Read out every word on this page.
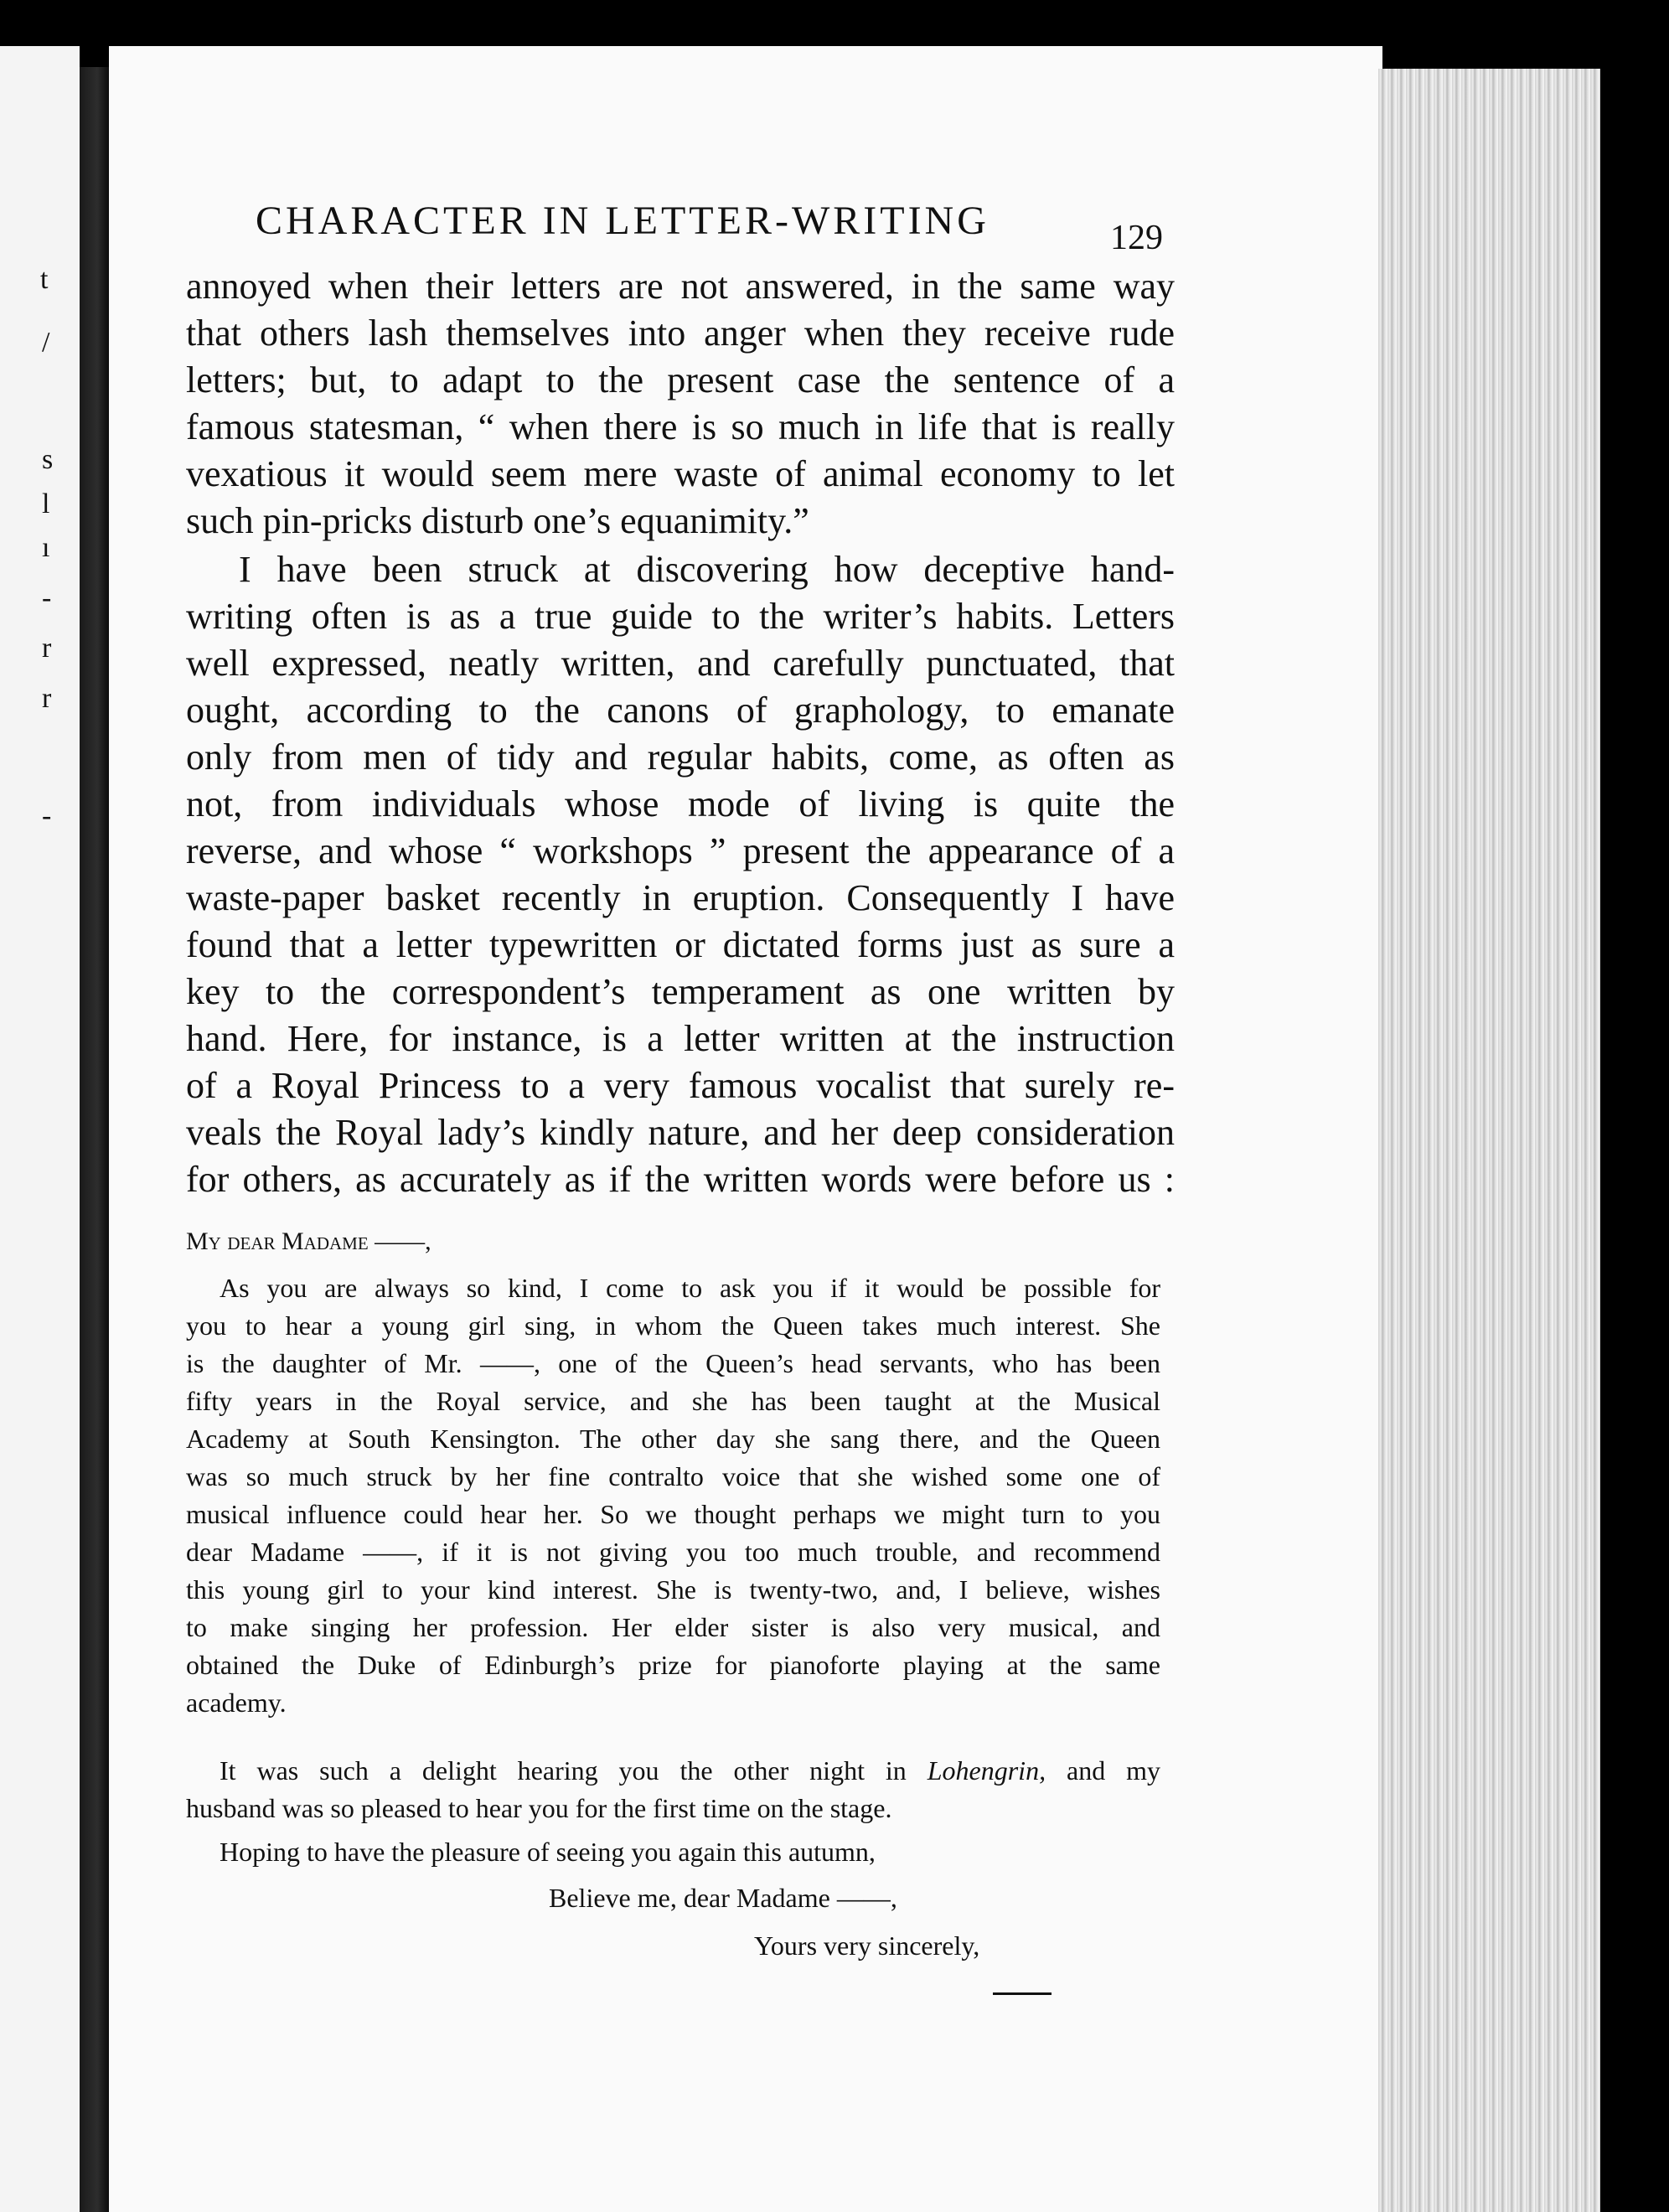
t
/
s
l
ı
-
r
r
-
CHARACTER IN LETTER-WRITING	129
annoyed when their letters are not answered, in the same way
that others lash themselves into anger when they receive rude
letters; but, to adapt to the present case the sentence of a
famous statesman, “ when there is so much in life that is really
vexatious it would seem mere waste of animal economy to let
such pin-pricks disturb one’s equanimity.”
I have been struck at discovering how deceptive hand-
writing often is as a true guide to the writer’s habits. Letters
well expressed, neatly written, and carefully punctuated, that
ought, according to the canons of graphology, to emanate
only from men of tidy and regular habits, come, as often as
not, from individuals whose mode of living is quite the
reverse, and whose “ workshops ” present the appearance of a
waste-paper basket recently in eruption. Consequently I have
found that a letter typewritten or dictated forms just as sure a
key to the correspondent’s temperament as one written by
hand. Here, for instance, is a letter written at the instruction
of a Royal Princess to a very famous vocalist that surely re-
veals the Royal lady’s kindly nature, and her deep consideration
for others, as accurately as if the written words were before us :
My dear Madame ——,
As you are always so kind, I come to ask you if it would be possible for
you to hear a young girl sing, in whom the Queen takes much interest. She
is the daughter of Mr. ——, one of the Queen’s head servants, who has been
fifty years in the Royal service, and she has been taught at the Musical
Academy at South Kensington. The other day she sang there, and the Queen
was so much struck by her fine contralto voice that she wished some one of
musical influence could hear her. So we thought perhaps we might turn to you
dear Madame ——, if it is not giving you too much trouble, and recommend
this young girl to your kind interest. She is twenty-two, and, I believe, wishes
to make singing her profession. Her elder sister is also very musical, and
obtained the Duke of Edinburgh’s prize for pianoforte playing at the same
academy.
It was such a delight hearing you the other night in Lohengrin, and my
husband was so pleased to hear you for the first time on the stage.
Hoping to have the pleasure of seeing you again this autumn,
Believe me, dear Madame ——,
Yours very sincerely,
